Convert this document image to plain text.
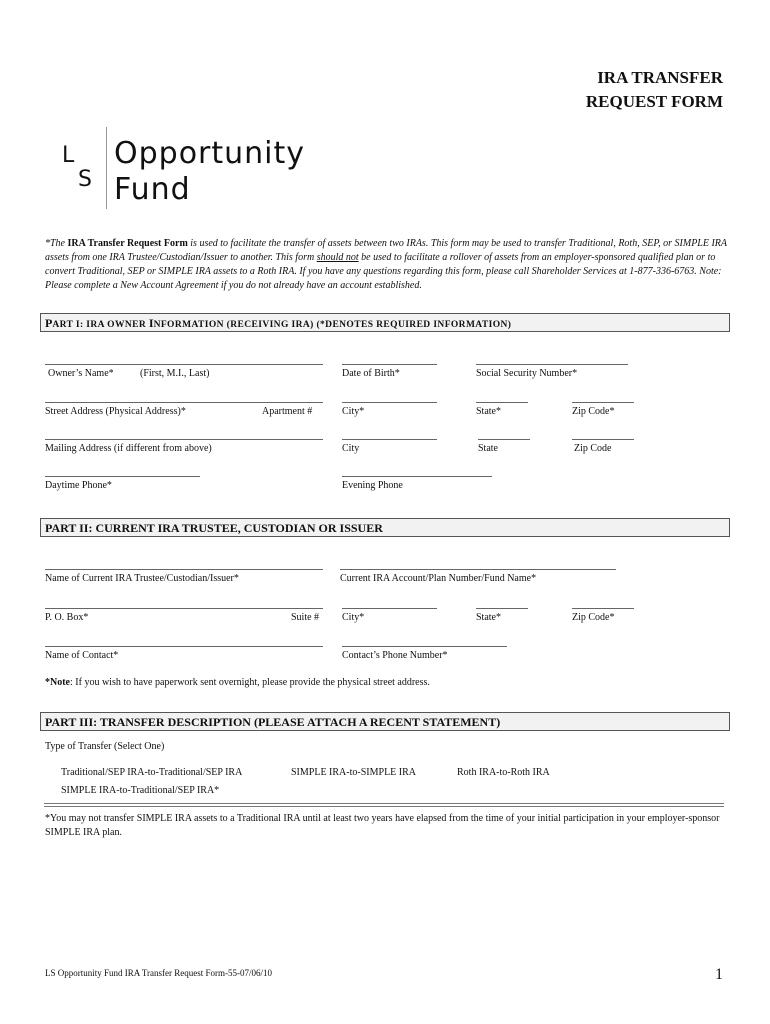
IRA TRANSFER
REQUEST FORM
L
S
Opportunity
Fund
*The IRA Transfer Request Form is used to facilitate the transfer of assets between two IRAs. This form may be used to transfer Traditional, Roth, SEP, or SIMPLE IRA assets from one IRA Trustee/Custodian/Issuer to another. This form should not be used to facilitate a rollover of assets from an employer-sponsored qualified plan or to convert Traditional, SEP or SIMPLE IRA assets to a Roth IRA. If you have any questions regarding this form, please call Shareholder Services at 1-877-336-6763. Note: Please complete a New Account Agreement if you do not already have an account established.
PART I: IRA OWNER INFORMATION (RECEIVING IRA) (*DENOTES REQUIRED INFORMATION)
Owner’s Name*	(First, M.I., Last)	Date of Birth*	Social Security Number*
Street Address (Physical Address)*	Apartment #	City*	State*	Zip Code*
Mailing Address (if different from above)	City	State	Zip Code
Daytime Phone*	Evening Phone
PART II: CURRENT IRA TRUSTEE, CUSTODIAN OR ISSUER
Name of Current IRA Trustee/Custodian/Issuer*	Current IRA Account/Plan Number/Fund Name*
P. O. Box*	Suite # City*	State*	Zip Code*
Name of Contact*	Contact’s Phone Number*
*Note: If you wish to have paperwork sent overnight, please provide the physical street address.
PART III: TRANSFER DESCRIPTION (PLEASE ATTACH A RECENT STATEMENT)
Type of Transfer (Select One)
Traditional/SEP IRA-to-Traditional/SEP IRA	SIMPLE IRA-to-SIMPLE IRA	Roth IRA-to-Roth IRA
SIMPLE IRA-to-Traditional/SEP IRA*
*You may not transfer SIMPLE IRA assets to a Traditional IRA until at least two years have elapsed from the time of your initial participation in your employer-sponsor SIMPLE IRA plan.
LS Opportunity Fund IRA Transfer Request Form-55-07/06/10	1
